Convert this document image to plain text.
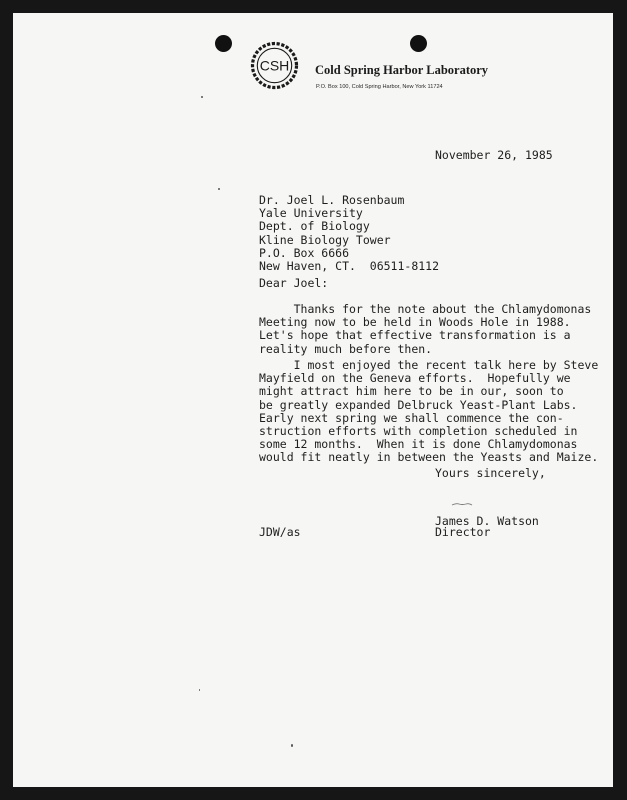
CSH Cold Spring Harbor Laboratory
P.O. Box 100, Cold Spring Harbor, New York 11724
November 26, 1985
Dr. Joel L. Rosenbaum
Yale University
Dept. of Biology
Kline Biology Tower
P.O. Box 6666
New Haven, CT.  06511-8112
Dear Joel:
Thanks for the note about the Chlamydomonas
Meeting now to be held in Woods Hole in 1988.
Let's hope that effective transformation is a
reality much before then.
I most enjoyed the recent talk here by Steve
Mayfield on the Geneva efforts.  Hopefully we
might attract him here to be in our, soon to
be greatly expanded Delbruck Yeast-Plant Labs.
Early next spring we shall commence the con-
struction efforts with completion scheduled in
some 12 months.  When it is done Chlamydomonas
would fit neatly in between the Yeasts and Maize.
Yours sincerely,
James D. Watson
JDW/as	Director
